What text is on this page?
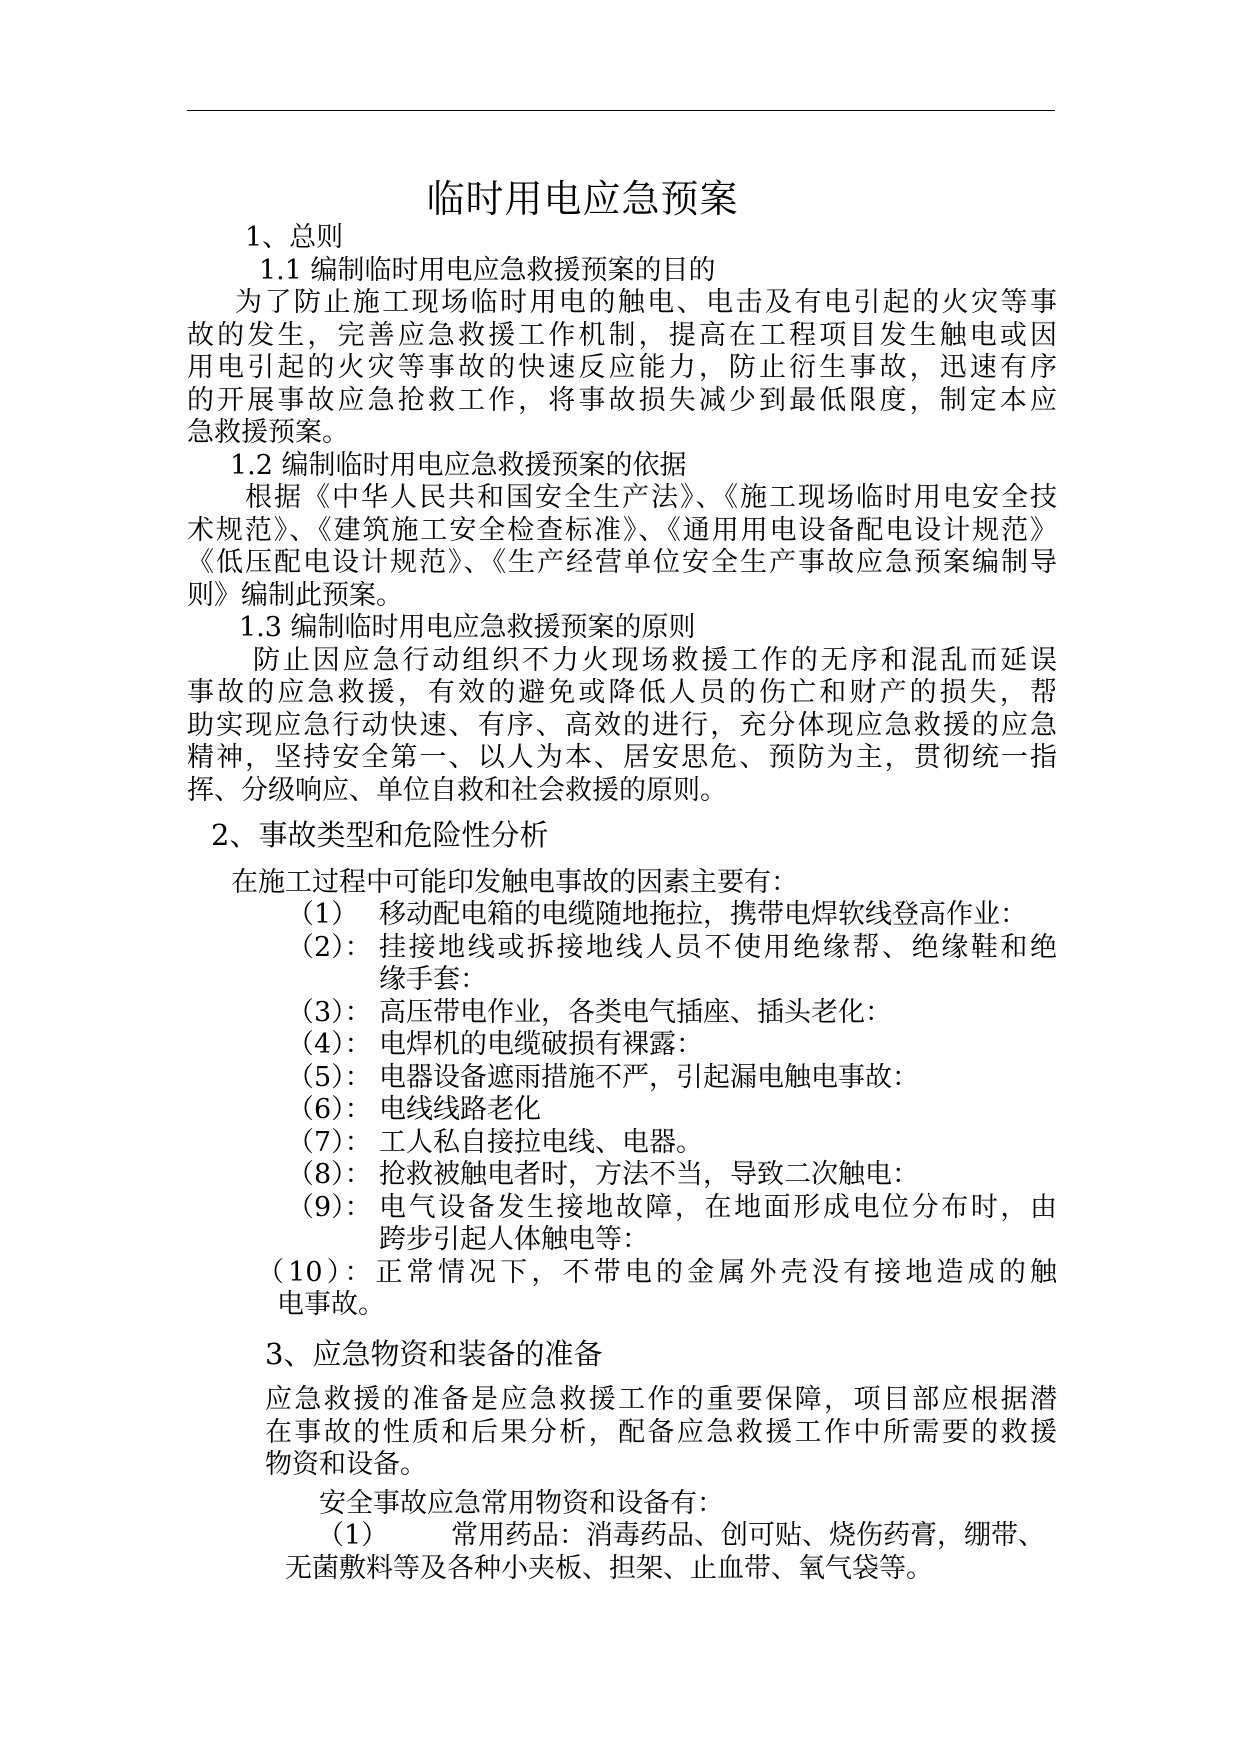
临时用电应急预案

1、总则

1.1 编制临时用电应急救援预案的目的

为了防止施工现场临时用电的触电、电击及有电引起的火灾等事

故的发生，完善应急救援工作机制，提高在工程项目发生触电或因

用电引起的火灾等事故的快速反应能力，防止衍生事故，迅速有序

的开展事故应急抢救工作，将事故损失减少到最低限度，制定本应

急救援预案。

1.2 编制临时用电应急救援预案的依据

根据《中华人民共和国安全生产法》、《施工现场临时用电安全技

术规范》、《建筑施工安全检查标准》、《通用用电设备配电设计规范》

《低压配电设计规范》、《生产经营单位安全生产事故应急预案编制导

则》编制此预案。

1.3 编制临时用电应急救援预案的原则

防止因应急行动组织不力火现场救援工作的无序和混乱而延误

事故的应急救援，有效的避免或降低人员的伤亡和财产的损失，帮

助实现应急行动快速、有序、高效的进行，充分体现应急救援的应急

精神，坚持安全第一、以人为本、居安思危、预防为主，贯彻统一指

挥、分级响应、单位自救和社会救援的原则。

2、事故类型和危险性分析

在施工过程中可能印发触电事故的因素主要有：

（1） 移动配电箱的电缆随地拖拉，携带电焊软线登高作业：
（2）： 挂接地线或拆接地线人员不使用绝缘帮、绝缘鞋和绝
缘手套：
（3）： 高压带电作业，各类电气插座、插头老化：
（4）： 电焊机的电缆破损有裸露：
（5）： 电器设备遮雨措施不严，引起漏电触电事故：
（6）： 电线线路老化
（7）： 工人私自接拉电线、电器。
（8）： 抢救被触电者时，方法不当，导致二次触电：
（9）： 电气设备发生接地故障，在地面形成电位分布时，由
跨步引起人体触电等：
（10）：正常情况下，不带电的金属外壳没有接地造成的触
电事故。

3、应急物资和装备的准备

应急救援的准备是应急救援工作的重要保障，项目部应根据潜

在事故的性质和后果分析，配备应急救援工作中所需要的救援

物资和设备。

安全事故应急常用物资和设备有：

（1） 常用药品：消毒药品、创可贴、烧伤药膏，绷带、

无菌敷料等及各种小夹板、担架、止血带、氧气袋等。
